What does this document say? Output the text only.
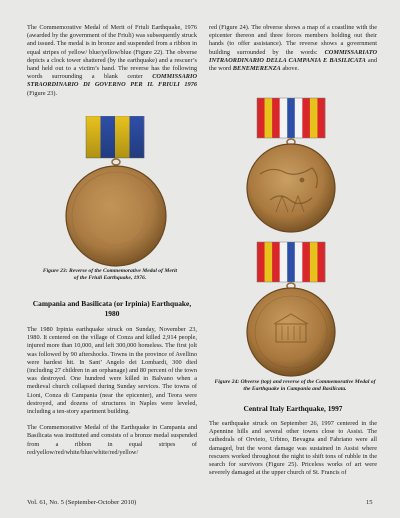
The Commemorative Medal of Merit of Friuli Earthquake, 1976 (awarded by the government of the Friuli) was subsequently struck and issued. The medal is in bronze and suspended from a ribbon in equal stripes of yellow/ blue/yellow/blue (Figure 22). The obverse depicts a clock tower shattered (by the earthquake) and a rescuer’s hand held out to a victim’s hand. The reverse has the following words surrounding a blank center COMMISSARIO STRAORDINARIO DI GOVERNO PER IL FRIULI 1976 (Figure 23).

Figure 23: Reverse of the Commemorative Medal of Merit of the Friuli Earthquake, 1976.

Campania and Basilicata (or Irpinia) Earthquake, 1980

The 1980 Irpinia earthquake struck on Sunday, November 23, 1980. It centered on the village of Conza and killed 2,914 people, injured more than 10,000, and left 300,000 homeless. The first jolt was followed by 90 aftershocks. Towns in the province of Avellino were hardest hit. In Sant’ Angelo dei Lombardi, 300 died (including 27 children in an orphanage) and 80 percent of the town was destroyed. One hundred were killed in Balvano when a medieval church collapsed during Sunday services. The towns of Lioni, Conza di Campania (near the epicenter), and Teora were destroyed, and dozens of structures in Naples were leveled, including a ten-story apartment building.

The Commemorative Medal of the Earthquake in Campania and Basilicata was instituted and consists of a bronze medal suspended from a ribbon in equal stripes of red/yellow/red/white/blue/white/red/yellow/

red (Figure 24). The obverse shows a map of a coastline with the epicenter thereon and three forces members holding out their hands (to offer assistance). The reverse shows a government building surrounded by the words: COMMISSARIATO INTRAORDINARIO DELLA CAMPANIA E BASILICATA and the word BENEMERENZA above.

Figure 24: Obverse (top) and reverse of the Commemorative Medal of the Earthquake in Campania and Basilicata.

Central Italy Earthquake, 1997

The earthquake struck on September 26, 1997 centered in the Apennine hills and several other towns close to Assisi. The cathedrals of Orvieto, Urbino, Bevagna and Fabriano were all damaged, but the worst damage was sustained in Assisi where rescuers worked throughout the night to shift tons of rubble in the search for survivors (Figure 25). Priceless works of art were severely damaged at the upper church of St. Francis of

Vol. 61, No. 5 (September-October 2010)	15
